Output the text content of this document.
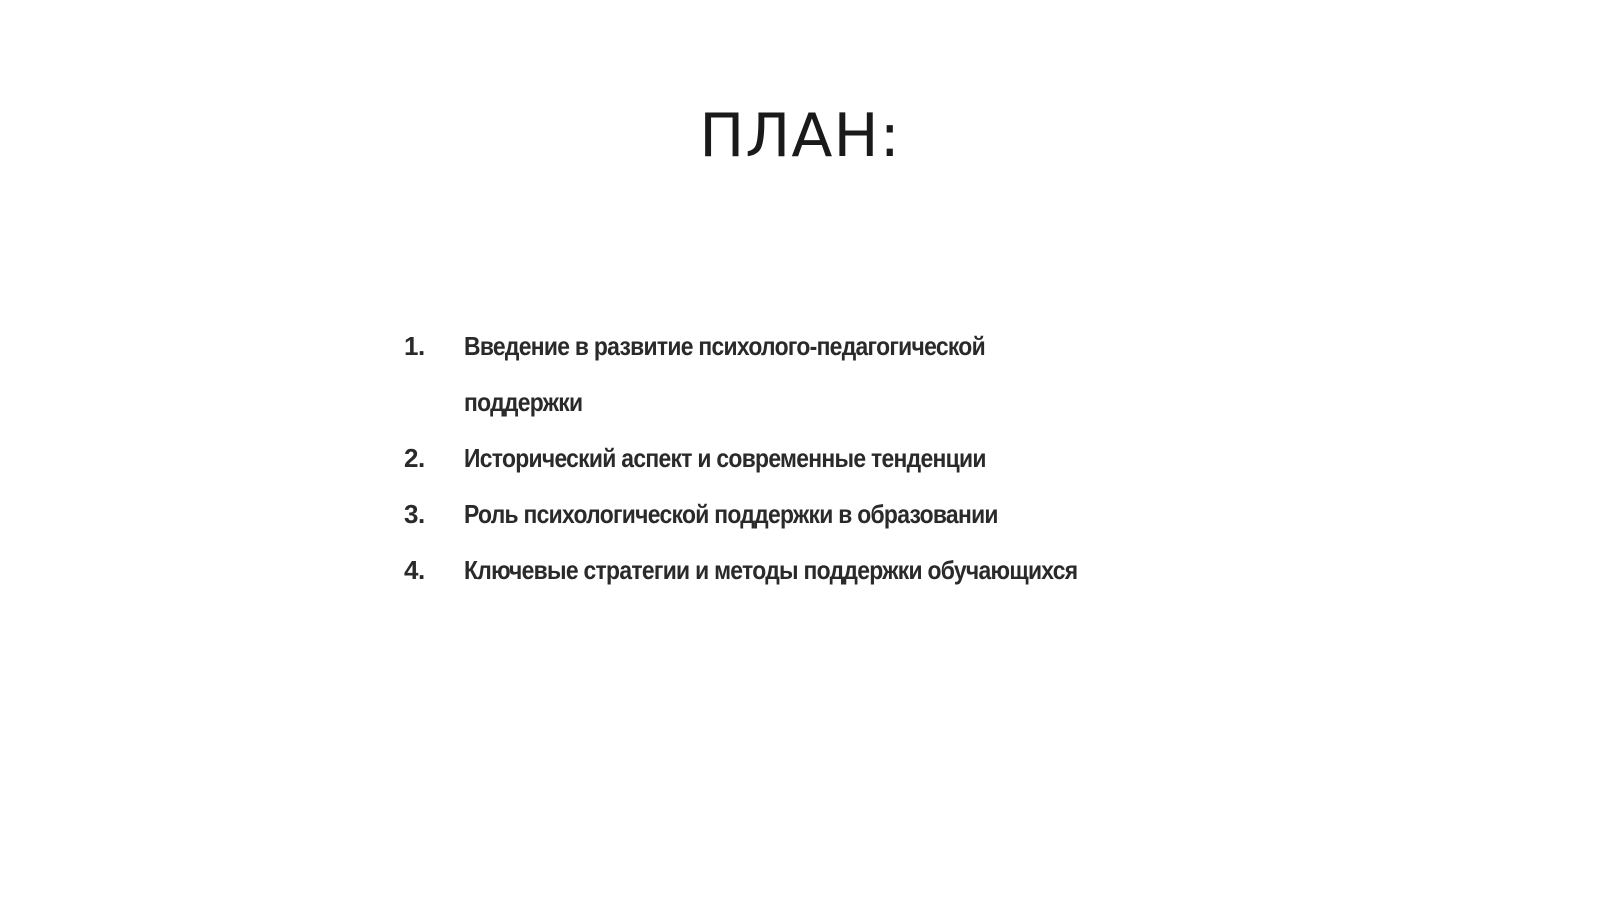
ПЛАН:
1.	Введение в развитие психолого-педагогической
поддержки
2.	Исторический аспект и современные тенденции
3.	Роль психологической поддержки в образовании
4.	Ключевые стратегии и методы поддержки обучающихся
